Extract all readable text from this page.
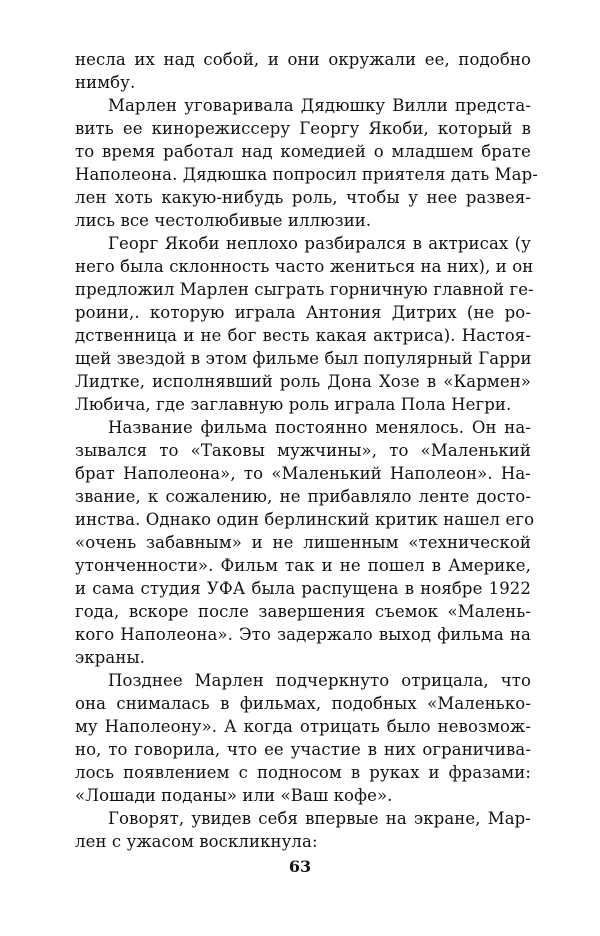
63
несла их над собой, и они окружали ее, подобно
нимбу.
Марлен уговаривала Дядюшку Вилли предста-
вить ее кинорежиссеру Георгу Якоби, который в
то время работал над комедией о младшем брате
Наполеона. Дядюшка попросил приятеля дать Мар-
лен хоть какую-нибудь роль, чтобы у нее развея-
лись все честолюбивые иллюзии.
Георг Якоби неплохо разбирался в актрисах (у
него была склонность часто жениться на них), и он
предложил Марлен сыграть горничную главной ге-
роини,. которую играла Антония Дитрих (не ро-
дственница и не бог весть какая актриса). Настоя-
щей звездой в этом фильме был популярный Гарри
Лидтке, исполнявший роль Дона Хозе в «Кармен»
Любича, где заглавную роль играла Пола Негри.
Название фильма постоянно менялось. Он на-
зывался то «Таковы мужчины», то «Маленький
брат Наполеона», то «Маленький Наполеон». На-
звание, к сожалению, не прибавляло ленте досто-
инства. Однако один берлинский критик нашел его
«очень забавным» и не лишенным «технической
утонченности». Фильм так и не пошел в Америке,
и сама студия УФА была распущена в ноябре 1922
года, вскоре после завершения съемок «Малень-
кого Наполеона». Это задержало выход фильма на
экраны.
Позднее Марлен подчеркнуто отрицала, что
она снималась в фильмах, подобных «Маленько-
му Наполеону». А когда отрицать было невозмож-
но, то говорила, что ее участие в них ограничива-
лось появлением с подносом в руках и фразами:
«Лошади поданы» или «Ваш кофе».
Говорят, увидев себя впервые на экране, Мар-
лен с ужасом воскликнула:
